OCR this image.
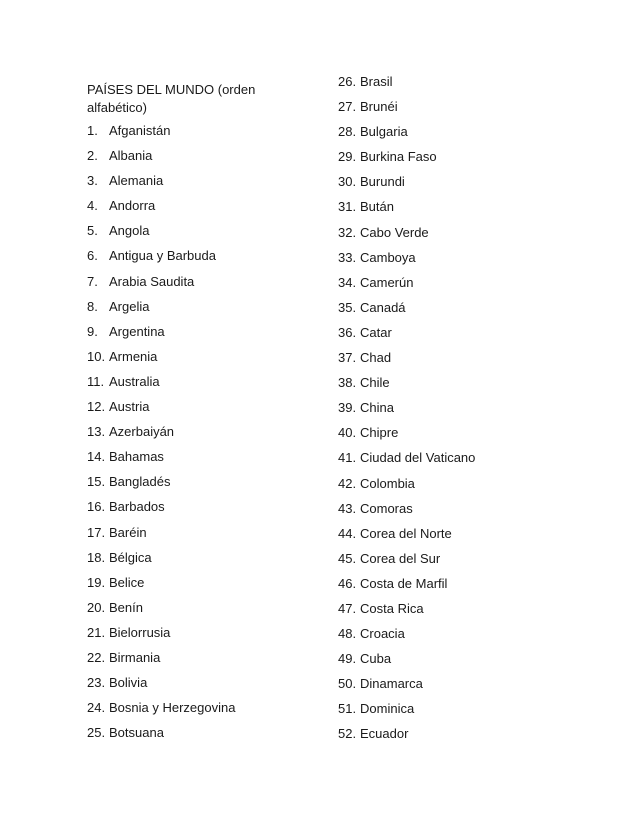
PAÍSES DEL MUNDO (orden alfabético)
1. Afganistán
2. Albania
3. Alemania
4. Andorra
5. Angola
6. Antigua y Barbuda
7. Arabia Saudita
8. Argelia
9. Argentina
10. Armenia
11. Australia
12. Austria
13. Azerbaiyán
14. Bahamas
15. Bangladés
16. Barbados
17. Baréin
18. Bélgica
19. Belice
20. Benín
21. Bielorrusia
22. Birmania
23. Bolivia
24. Bosnia y Herzegovina
25. Botsuana
26. Brasil
27. Brunéi
28. Bulgaria
29. Burkina Faso
30. Burundi
31. Bután
32. Cabo Verde
33. Camboya
34. Camerún
35. Canadá
36. Catar
37. Chad
38. Chile
39. China
40. Chipre
41. Ciudad del Vaticano
42. Colombia
43. Comoras
44. Corea del Norte
45. Corea del Sur
46. Costa de Marfil
47. Costa Rica
48. Croacia
49. Cuba
50. Dinamarca
51. Dominica
52. Ecuador
